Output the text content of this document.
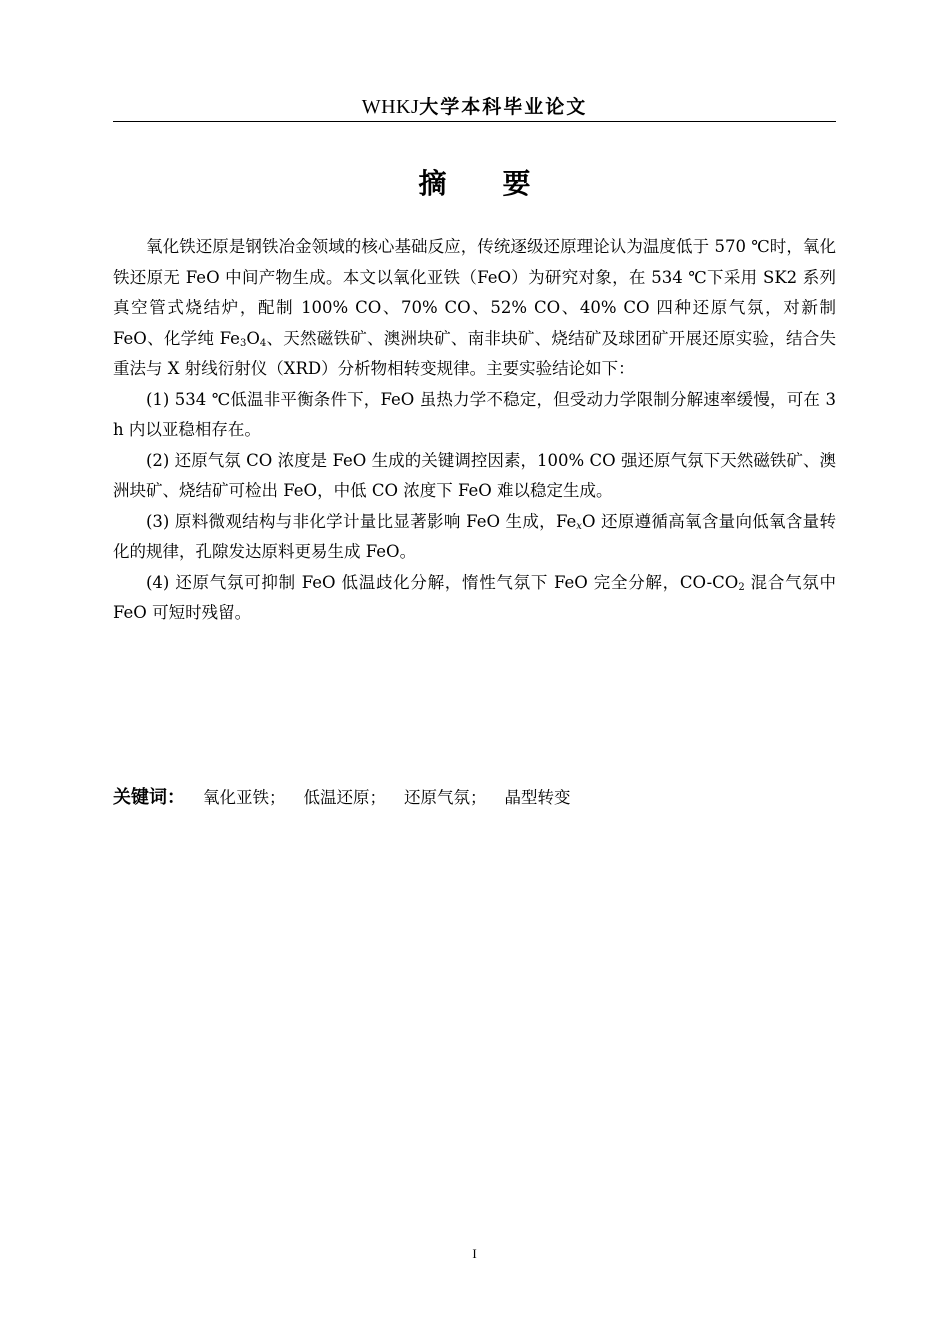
WHKJ大学本科毕业论文
摘 要

氧化铁还原是钢铁冶金领域的核心基础反应，传统逐级还原理论认为温度低于 570 ℃时，氧化铁还原无 FeO 中间产物生成。本文以氧化亚铁（FeO）为研究对象，在 534 ℃下采用 SK2 系列真空管式烧结炉，配制 100% CO、70% CO、52% CO、40% CO 四种还原气氛，对新制 FeO、化学纯 $Fe_3O_4$、天然磁铁矿、澳洲块矿、南非块矿、烧结矿及球团矿开展还原实验，结合失重法与 X 射线衍射仪（XRD）分析物相转变规律。主要实验结论如下：

(1) 534 ℃低温非平衡条件下，FeO 虽热力学不稳定，但受动力学限制分解速率缓慢，可在 3 h 内以亚稳相存在。

(2) 还原气氛 CO 浓度是 FeO 生成的关键调控因素，100% CO 强还原气氛下天然磁铁矿、澳洲块矿、烧结矿可检出 FeO，中低 CO 浓度下 FeO 难以稳定生成。

(3) 原料微观结构与非化学计量比显著影响 FeO 生成，$Fe_xO$ 还原遵循高氧含量向低氧含量转化的规律，孔隙发达原料更易生成 FeO。

(4) 还原气氛可抑制 FeO 低温歧化分解，惰性气氛下 FeO 完全分解，$CO-CO_2$ 混合气氛中 FeO 可短时残留。

关键词： 氧化亚铁； 低温还原； 还原气氛； 晶型转变
I
